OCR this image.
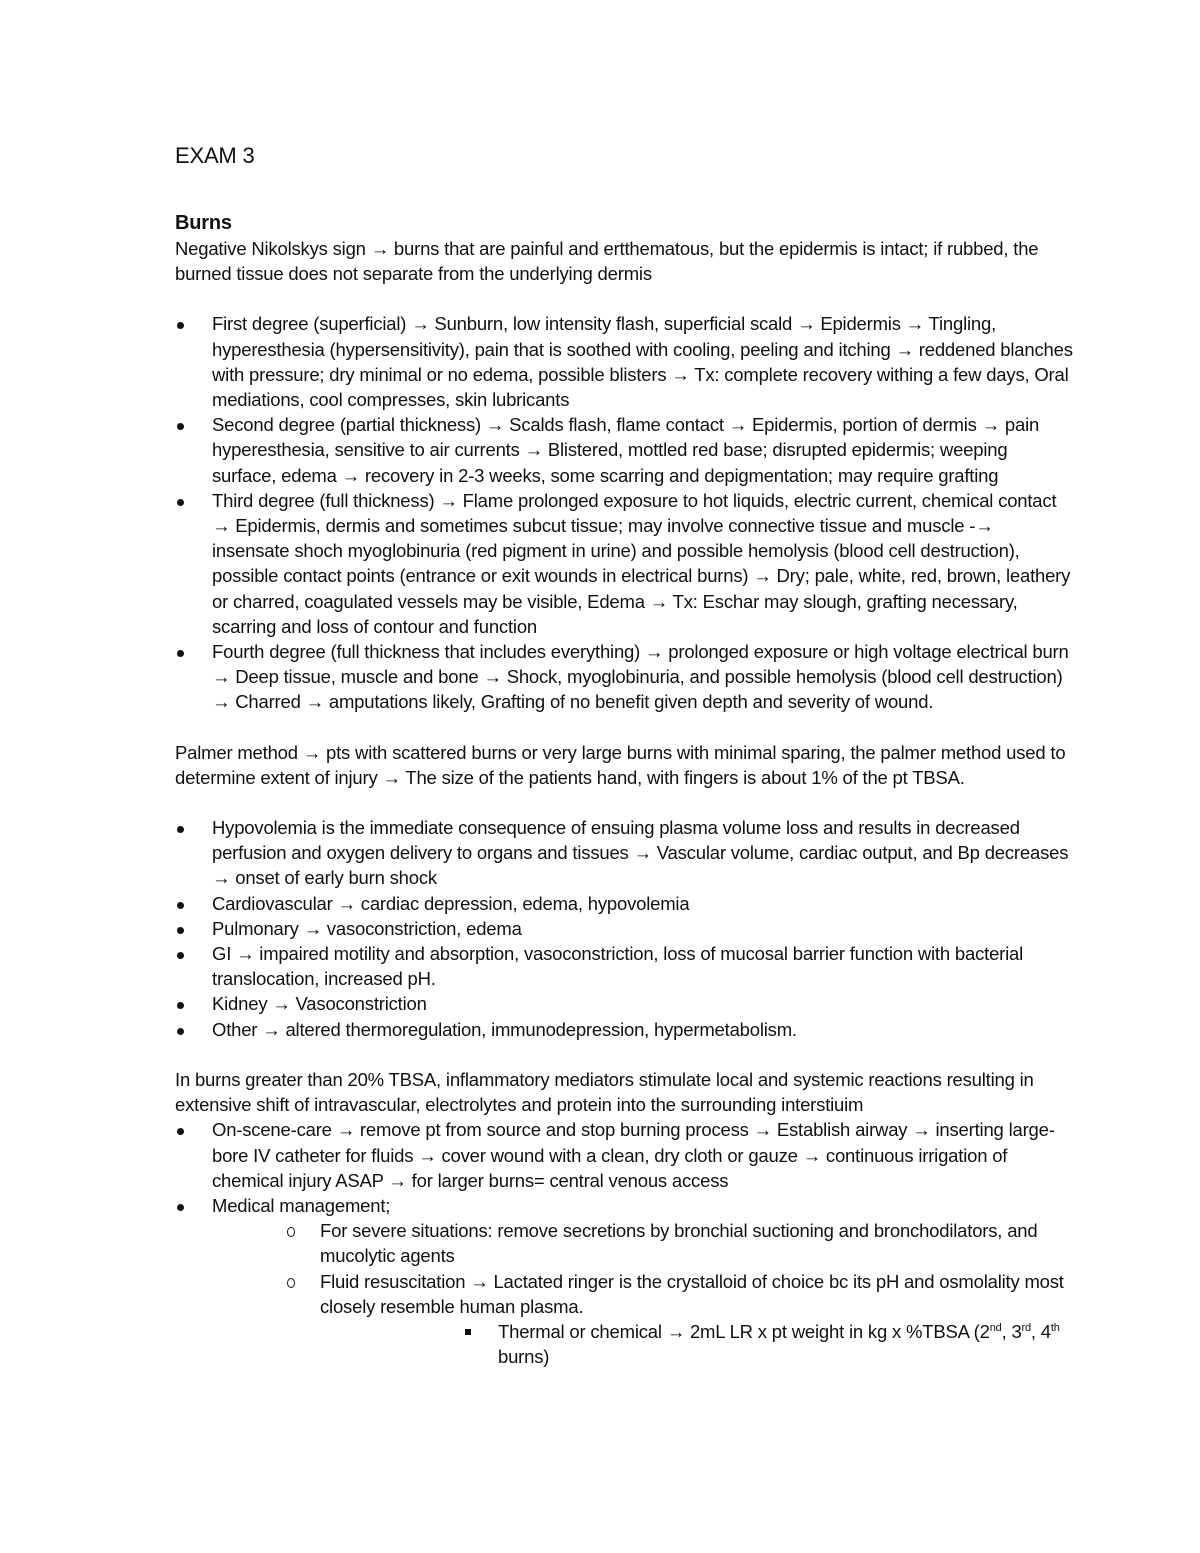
EXAM 3
Burns

Negative Nikolskys sign → burns that are painful and ertthematous, but the epidermis is intact; if rubbed, the burned tissue does not separate from the underlying dermis

First degree (superficial) → Sunburn, low intensity flash, superficial scald → Epidermis → Tingling, hyperesthesia (hypersensitivity), pain that is soothed with cooling, peeling and itching → reddened blanches with pressure; dry minimal or no edema, possible blisters → Tx: complete recovery withing a few days, Oral mediations, cool compresses, skin lubricants
Second degree (partial thickness) → Scalds flash, flame contact → Epidermis, portion of dermis → pain hyperesthesia, sensitive to air currents → Blistered, mottled red base; disrupted epidermis; weeping surface, edema → recovery in 2-3 weeks, some scarring and depigmentation; may require grafting
Third degree (full thickness) → Flame prolonged exposure to hot liquids, electric current, chemical contact → Epidermis, dermis and sometimes subcut tissue; may involve connective tissue and muscle -→ insensate shoch myoglobinuria (red pigment in urine) and possible hemolysis (blood cell destruction), possible contact points (entrance or exit wounds in electrical burns) → Dry; pale, white, red, brown, leathery or charred, coagulated vessels may be visible, Edema → Tx: Eschar may slough, grafting necessary, scarring and loss of contour and function
Fourth degree (full thickness that includes everything) → prolonged exposure or high voltage electrical burn → Deep tissue, muscle and bone → Shock, myoglobinuria, and possible hemolysis (blood cell destruction) → Charred → amputations likely, Grafting of no benefit given depth and severity of wound.

Palmer method → pts with scattered burns or very large burns with minimal sparing, the palmer method used to determine extent of injury → The size of the patients hand, with fingers is about 1% of the pt TBSA.

Hypovolemia is the immediate consequence of ensuing plasma volume loss and results in decreased perfusion and oxygen delivery to organs and tissues → Vascular volume, cardiac output, and Bp decreases → onset of early burn shock
Cardiovascular → cardiac depression, edema, hypovolemia
Pulmonary → vasoconstriction, edema
GI → impaired motility and absorption, vasoconstriction, loss of mucosal barrier function with bacterial translocation, increased pH.
Kidney → Vasoconstriction
Other → altered thermoregulation, immunodepression, hypermetabolism.

In burns greater than 20% TBSA, inflammatory mediators stimulate local and systemic reactions resulting in extensive shift of intravascular, electrolytes and protein into the surrounding interstiuim

On-scene-care → remove pt from source and stop burning process → Establish airway → inserting large-bore IV catheter for fluids → cover wound with a clean, dry cloth or gauze → continuous irrigation of chemical injury ASAP → for larger burns= central venous access
Medical management;
For severe situations: remove secretions by bronchial suctioning and bronchodilators, and mucolytic agents
Fluid resuscitation → Lactated ringer is the crystalloid of choice bc its pH and osmolality most closely resemble human plasma.
Thermal or chemical → 2mL LR x pt weight in kg x %TBSA (2nd, 3rd, 4th burns)
